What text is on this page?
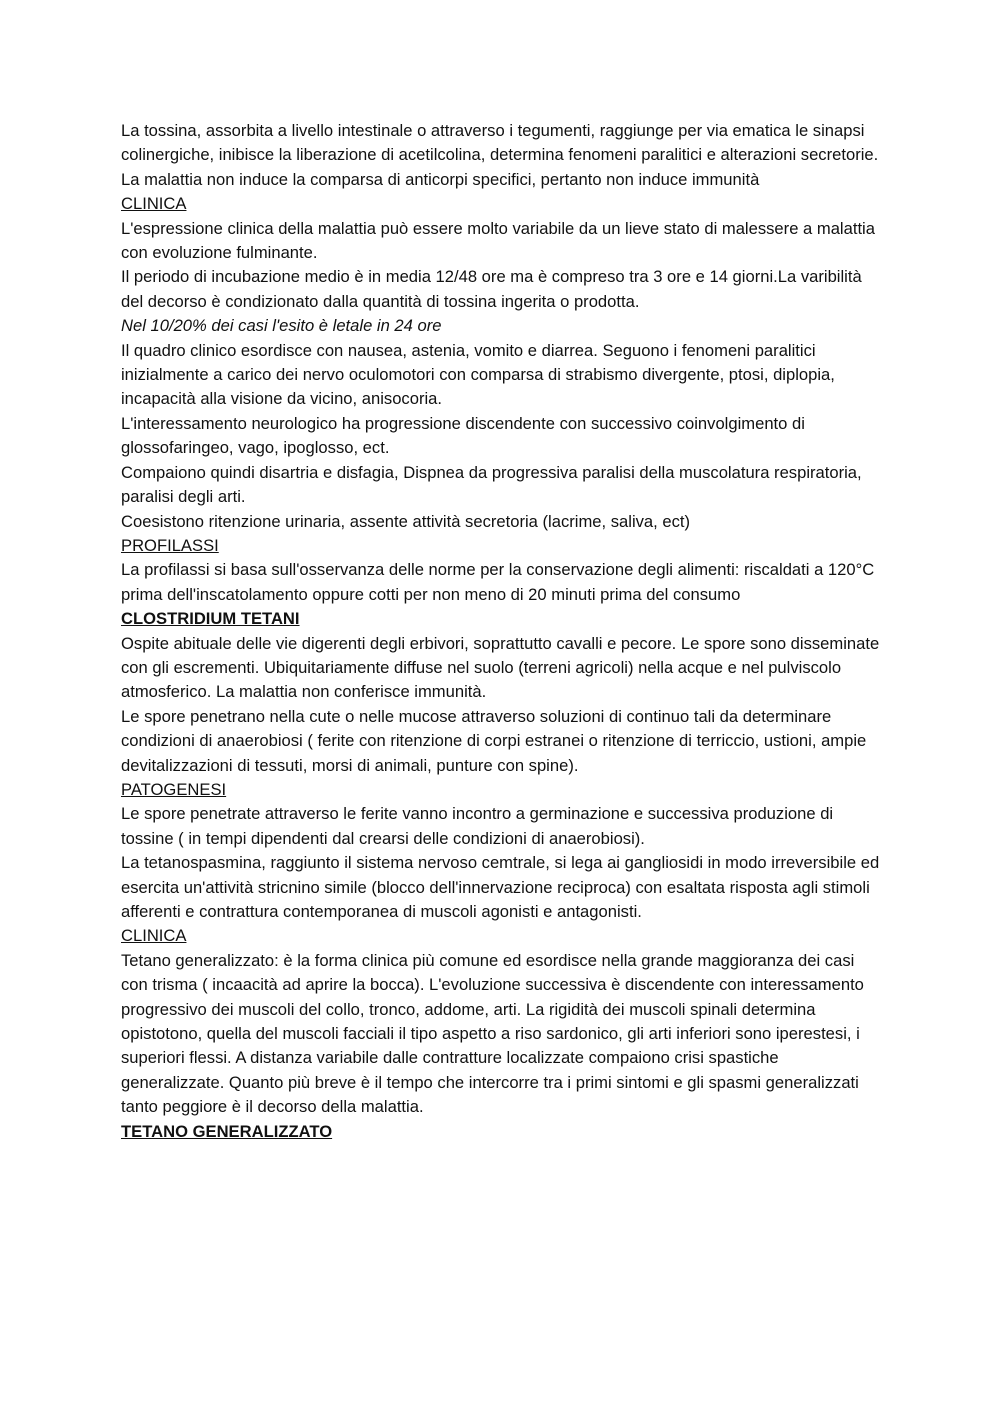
La tossina, assorbita a livello intestinale o attraverso i tegumenti, raggiunge per via ematica le sinapsi colinergiche, inibisce la liberazione di acetilcolina, determina fenomeni paralitici e alterazioni secretorie.

La malattia non induce la comparsa di anticorpi specifici, pertanto non induce immunità

CLINICA

L'espressione clinica della malattia può essere molto variabile da un lieve stato di malessere a malattia con evoluzione fulminante.

Il periodo di incubazione medio è in media 12/48 ore ma è compreso tra 3 ore e 14 giorni.La varibilità del decorso è condizionato dalla quantità di tossina ingerita o prodotta.

Nel 10/20% dei casi l'esito è letale in 24 ore

Il quadro clinico esordisce con nausea, astenia, vomito e diarrea. Seguono i fenomeni paralitici inizialmente a carico dei nervo oculomotori con comparsa di strabismo divergente, ptosi, diplopia, incapacità alla visione da vicino, anisocoria.

L'interessamento neurologico ha progressione discendente con successivo coinvolgimento di glossofaringeo, vago, ipoglosso, ect.

Compaiono quindi disartria e disfagia, Dispnea da progressiva paralisi della muscolatura respiratoria, paralisi degli arti.

Coesistono ritenzione urinaria, assente attività secretoria (lacrime, saliva, ect)

PROFILASSI

La profilassi si basa sull'osservanza delle norme per la conservazione degli alimenti: riscaldati a 120°C prima dell'inscatolamento oppure cotti per non meno di 20 minuti prima del consumo

CLOSTRIDIUM TETANI

Ospite abituale delle vie digerenti degli erbivori, soprattutto cavalli e pecore. Le spore sono disseminate con gli escrementi. Ubiquitariamente diffuse nel suolo (terreni agricoli) nella acque e nel pulviscolo atmosferico. La malattia non conferisce immunità.

Le spore penetrano nella cute o nelle mucose attraverso soluzioni di continuo tali da determinare condizioni di anaerobiosi ( ferite con ritenzione di corpi estranei o ritenzione di terriccio, ustioni, ampie devitalizzazioni di tessuti, morsi di animali, punture con spine).

PATOGENESI

Le spore penetrate attraverso le ferite vanno incontro a germinazione e successiva produzione di tossine ( in tempi dipendenti dal crearsi delle condizioni di anaerobiosi).

La tetanospasmina, raggiunto il sistema nervoso cemtrale, si lega ai gangliosidi in modo irreversibile ed esercita un'attività stricnino simile (blocco dell'innervazione reciproca) con esaltata risposta agli stimoli afferenti e contrattura contemporanea di muscoli agonisti e antagonisti.

CLINICA

Tetano generalizzato: è la forma clinica più comune ed esordisce nella grande maggioranza dei casi con trisma ( incaacità ad aprire la bocca). L'evoluzione successiva è discendente con interessamento progressivo dei muscoli del collo, tronco, addome, arti. La rigidità dei muscoli spinali determina opistotono, quella del muscoli facciali il tipo aspetto a riso sardonico, gli arti inferiori sono iperestesi, i superiori flessi. A distanza variabile dalle contratture localizzate compaiono crisi spastiche generalizzate. Quanto più breve è il tempo che intercorre tra i primi sintomi e gli spasmi generalizzati tanto peggiore è il decorso della malattia.

TETANO GENERALIZZATO
